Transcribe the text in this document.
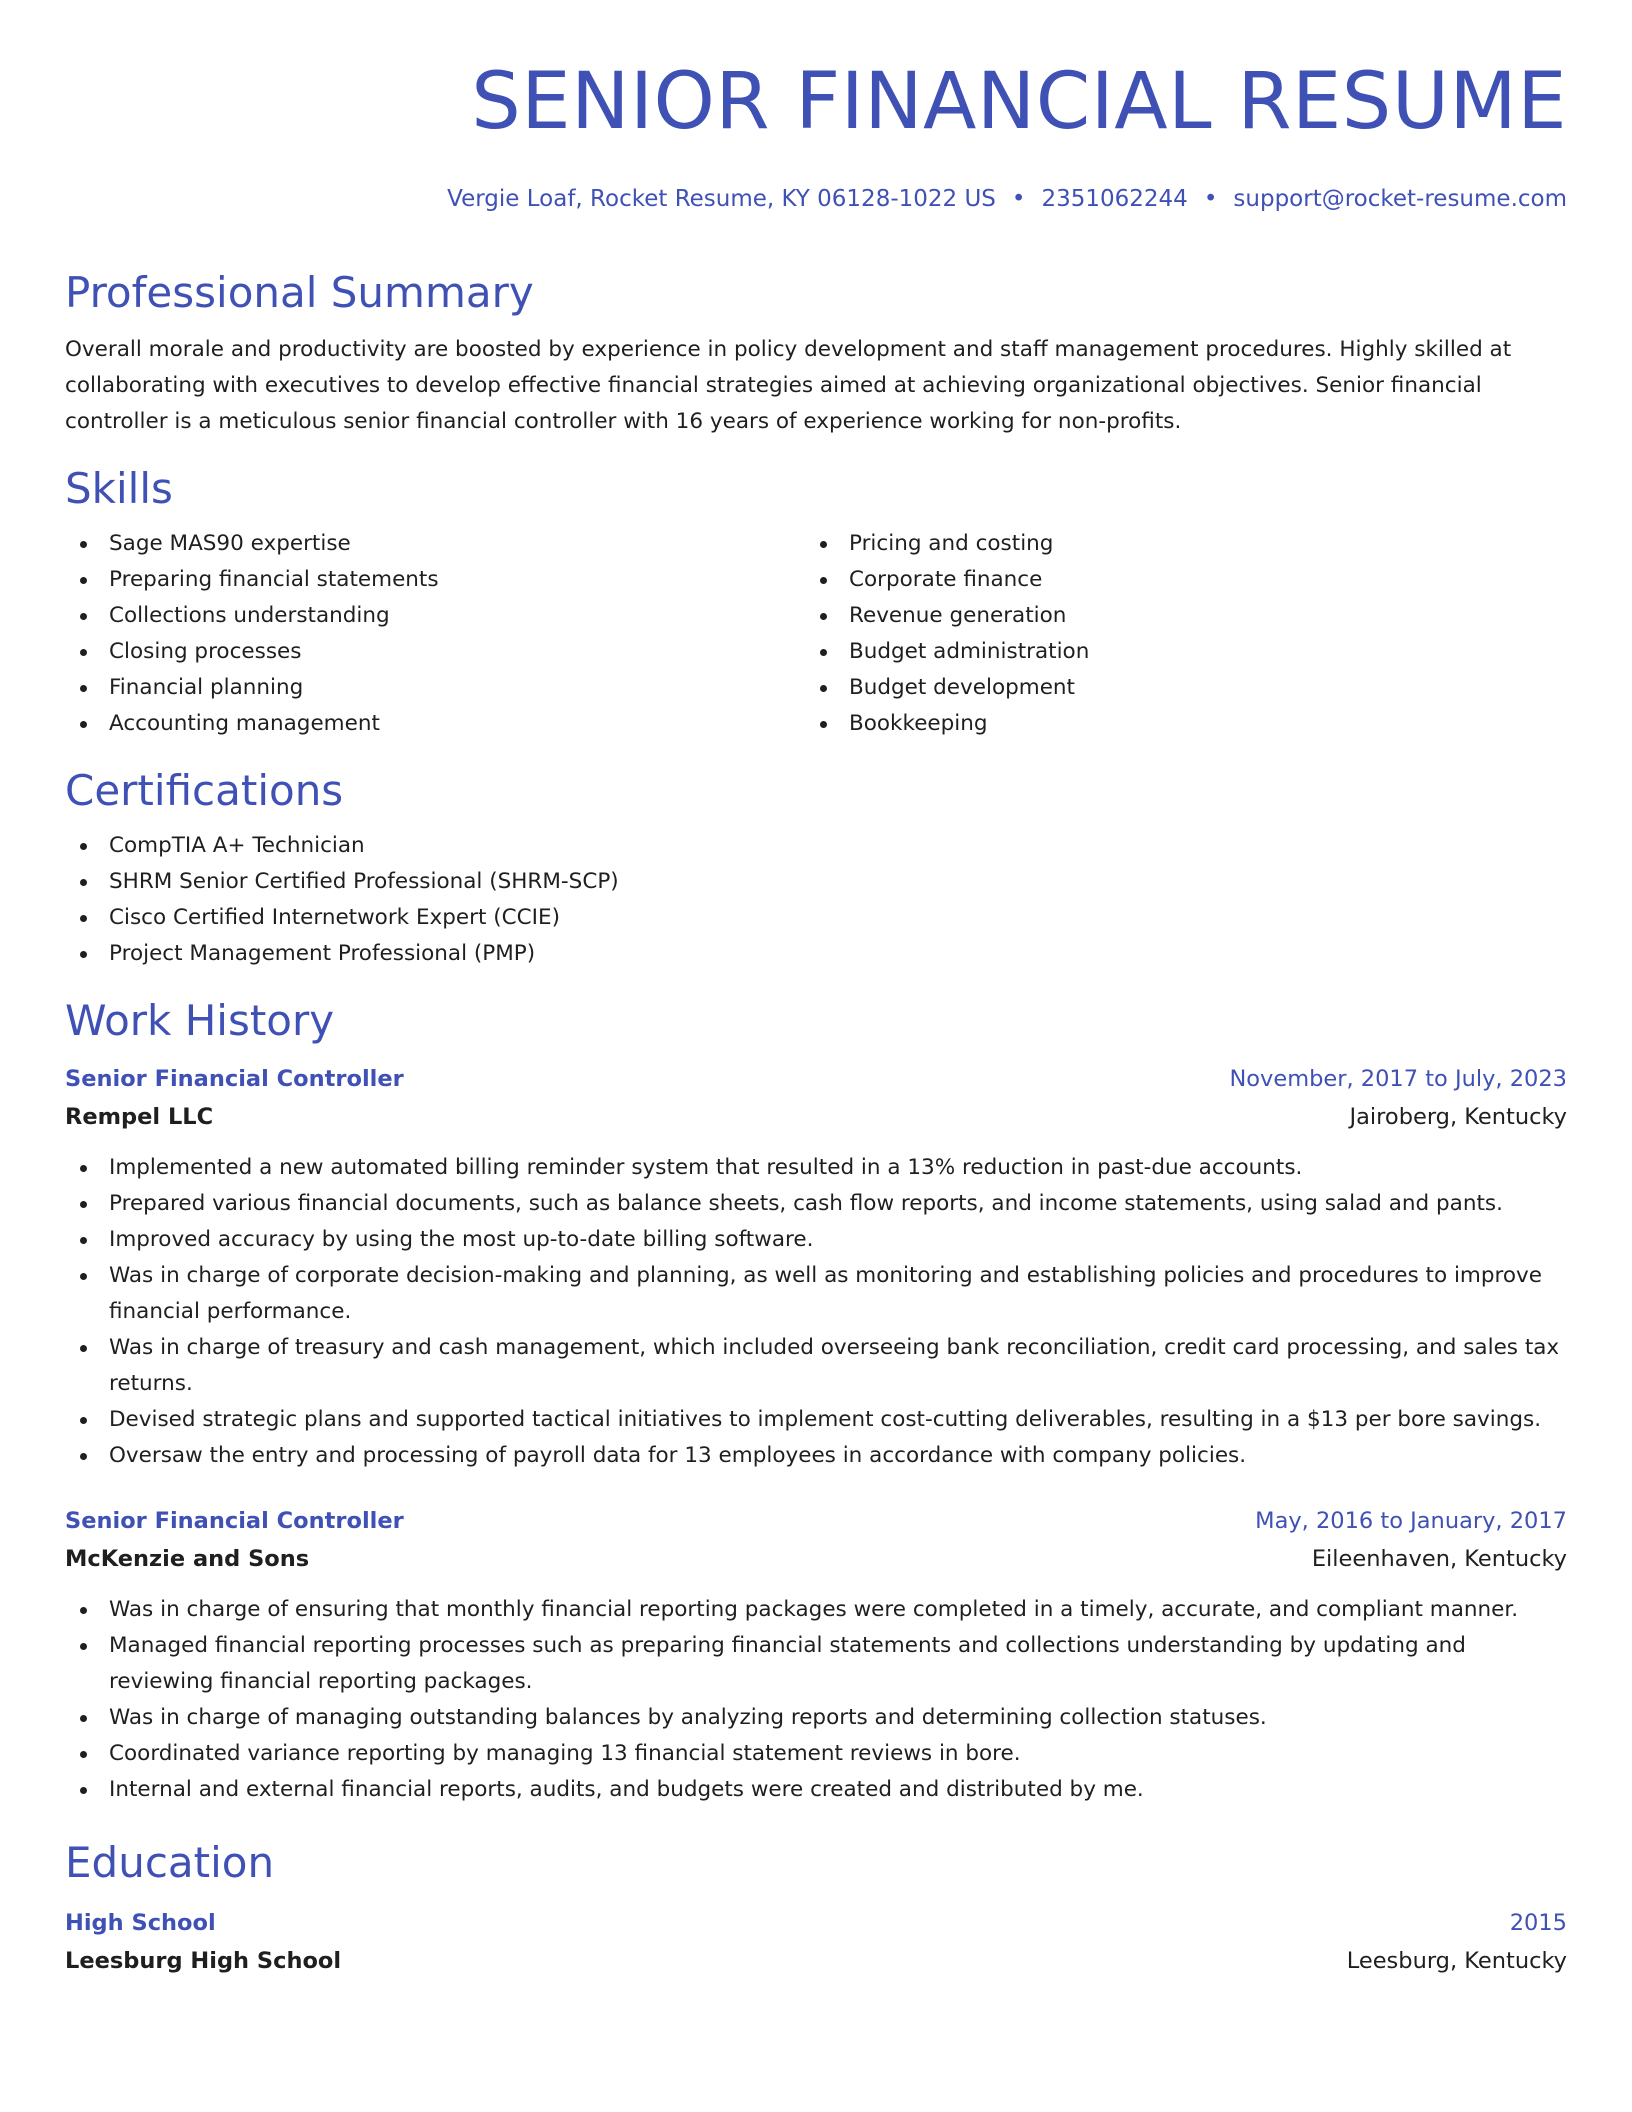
SENIOR FINANCIAL RESUME
Vergie Loaf, Rocket Resume, KY 06128-1022 US • 2351062244 • support@rocket-resume.com
Professional Summary

Overall morale and productivity are boosted by experience in policy development and staff management procedures. Highly skilled at collaborating with executives to develop effective financial strategies aimed at achieving organizational objectives. Senior financial controller is a meticulous senior financial controller with 16 years of experience working for non-profits.

Skills
Sage MAS90 expertise
Preparing financial statements
Collections understanding
Closing processes
Financial planning
Accounting management
Pricing and costing
Corporate finance
Revenue generation
Budget administration
Budget development
Bookkeeping
Certifications
CompTIA A+ Technician
SHRM Senior Certified Professional (SHRM-SCP)
Cisco Certified Internetwork Expert (CCIE)
Project Management Professional (PMP)
Work History
Senior Financial Controller	November, 2017 to July, 2023
Rempel LLC	Jairoberg, Kentucky
Implemented a new automated billing reminder system that resulted in a 13% reduction in past-due accounts.
Prepared various financial documents, such as balance sheets, cash flow reports, and income statements, using salad and pants.
Improved accuracy by using the most up-to-date billing software.
Was in charge of corporate decision-making and planning, as well as monitoring and establishing policies and procedures to improve financial performance.
Was in charge of treasury and cash management, which included overseeing bank reconciliation, credit card processing, and sales tax returns.
Devised strategic plans and supported tactical initiatives to implement cost-cutting deliverables, resulting in a $13 per bore savings.
Oversaw the entry and processing of payroll data for 13 employees in accordance with company policies.
Senior Financial Controller	May, 2016 to January, 2017
McKenzie and Sons	Eileenhaven, Kentucky
Was in charge of ensuring that monthly financial reporting packages were completed in a timely, accurate, and compliant manner.
Managed financial reporting processes such as preparing financial statements and collections understanding by updating and reviewing financial reporting packages.
Was in charge of managing outstanding balances by analyzing reports and determining collection statuses.
Coordinated variance reporting by managing 13 financial statement reviews in bore.
Internal and external financial reports, audits, and budgets were created and distributed by me.
Education
High School	2015
Leesburg High School	Leesburg, Kentucky
